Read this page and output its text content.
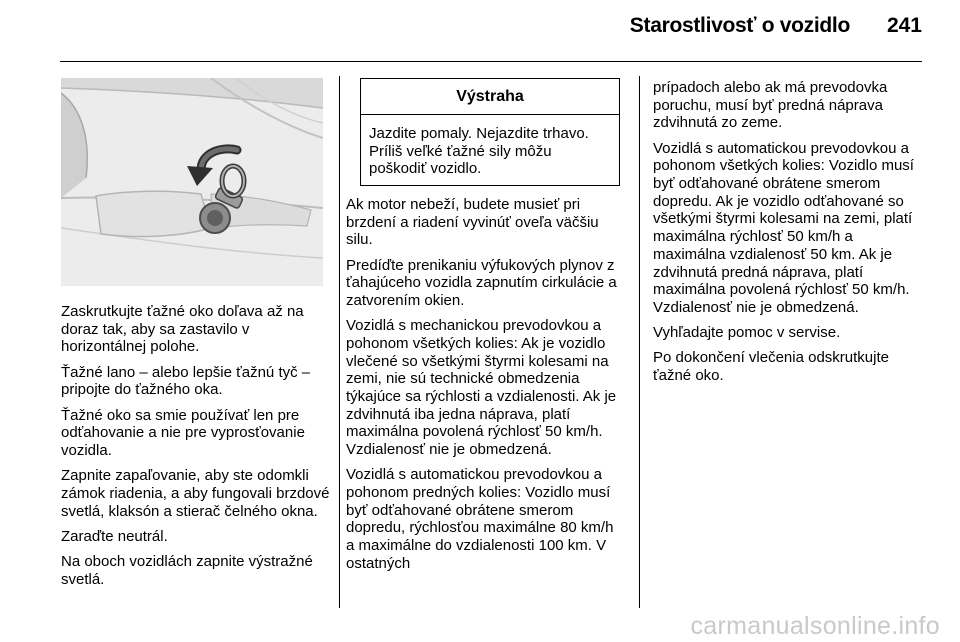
Starostlivosť o vozidlo	241

Zaskrutkujte ťažné oko doľava až na doraz tak, aby sa zastavilo v horizontálnej polohe.

Ťažné lano – alebo lepšie ťažnú tyč – pripojte do ťažného oka.

Ťažné oko sa smie používať len pre odťahovanie a nie pre vyprosťovanie vozidla.

Zapnite zapaľovanie, aby ste odomkli zámok riadenia, a aby fungovali brzdové svetlá, klaksón a stierač čelného okna.

Zaraďte neutrál.

Na oboch vozidlách zapnite výstražné svetlá.

Výstraha
Jazdite pomaly. Nejazdite trhavo. Príliš veľké ťažné sily môžu poškodiť vozidlo.

Ak motor nebeží, budete musieť pri brzdení a riadení vyvinúť oveľa väčšiu silu.

Predíďte prenikaniu výfukových plynov z ťahajúceho vozidla zapnutím cirkulácie a zatvorením okien.

Vozidlá s mechanickou prevodovkou a pohonom všetkých kolies: Ak je vozidlo vlečené so všetkými štyrmi kolesami na zemi, nie sú technické obmedzenia týkajúce sa rýchlosti a vzdialenosti. Ak je zdvihnutá iba jedna náprava, platí maximálna povolená rýchlosť 50 km/h. Vzdialenosť nie je obmedzená.

Vozidlá s automatickou prevodovkou a pohonom predných kolies: Vozidlo musí byť odťahované obrátene smerom dopredu, rýchlosťou maximálne 80 km/h a maximálne do vzdialenosti 100 km. V ostatných

prípadoch alebo ak má prevodovka poruchu, musí byť predná náprava zdvihnutá zo zeme.

Vozidlá s automatickou prevodovkou a pohonom všetkých kolies: Vozidlo musí byť odťahované obrátene smerom dopredu. Ak je vozidlo odťahované so všetkými štyrmi kolesami na zemi, platí maximálna rýchlosť 50 km/h a maximálna vzdialenosť 50 km. Ak je zdvihnutá predná náprava, platí maximálna povolená rýchlosť 50 km/h. Vzdialenosť nie je obmedzená.

Vyhľadajte pomoc v servise.

Po dokončení vlečenia odskrutkujte ťažné oko.

carmanualsonline.info
